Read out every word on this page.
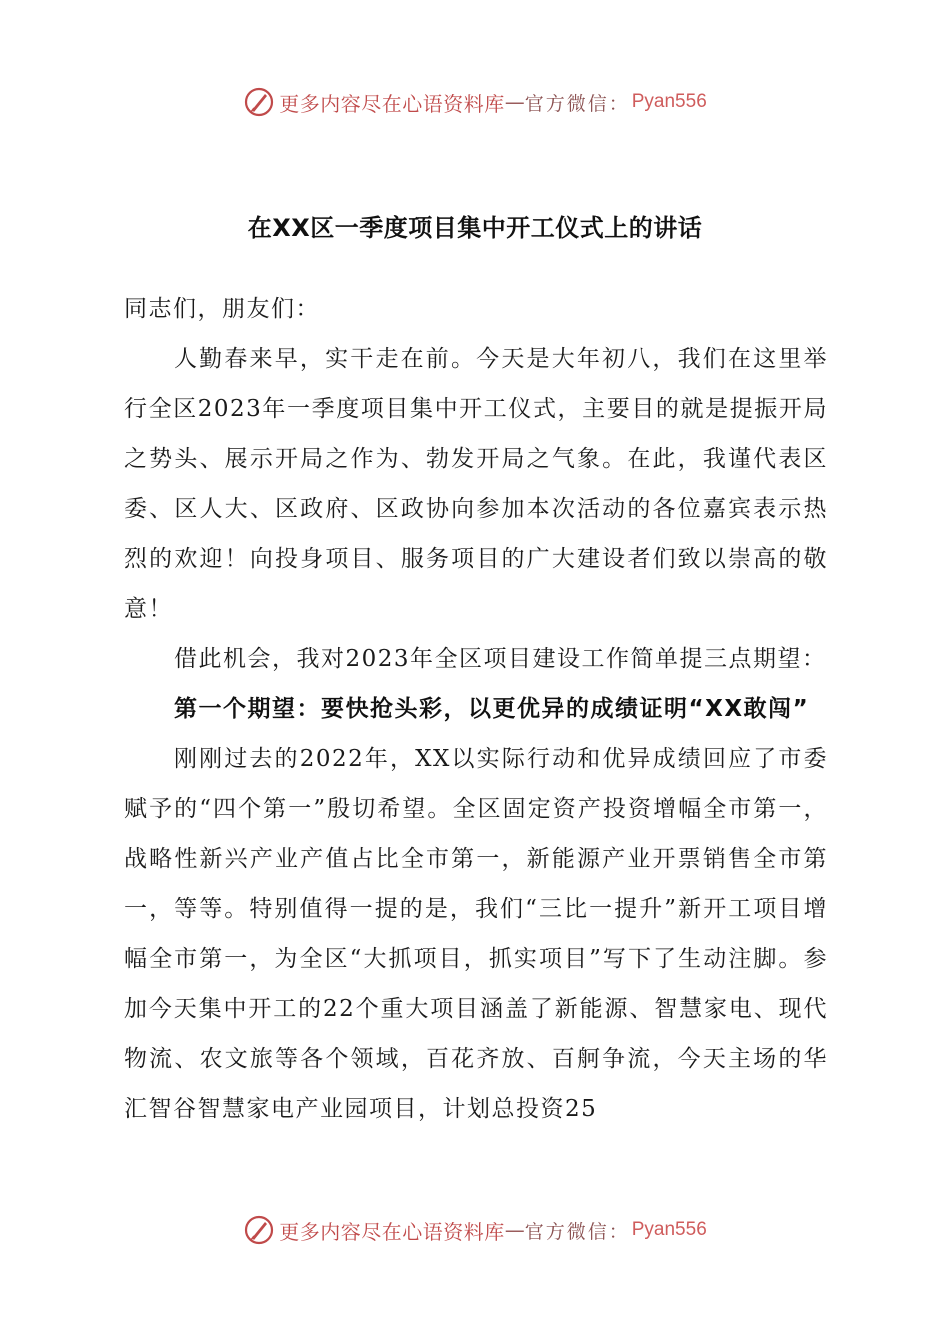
更多内容尽在心语资料库 — 官方微信： Pyan556
在XX区一季度项目集中开工仪式上的讲话

同志们，朋友们：

人勤春来早，实干走在前。今天是大年初八，我们在这里举行全区2023年一季度项目集中开工仪式，主要目的就是提振开局之势头、展示开局之作为、勃发开局之气象。在此，我谨代表区委、区人大、区政府、区政协向参加本次活动的各位嘉宾表示热烈的欢迎！向投身项目、服务项目的广大建设者们致以崇高的敬意！

借此机会，我对2023年全区项目建设工作简单提三点期望：

第一个期望：要快抢头彩，以更优异的成绩证明“XX敢闯”

刚刚过去的2022年，XX以实际行动和优异成绩回应了市委赋予的“四个第一”殷切希望。全区固定资产投资增幅全市第一，战略性新兴产业产值占比全市第一，新能源产业开票销售全市第一，等等。特别值得一提的是，我们“三比一提升”新开工项目增幅全市第一，为全区“大抓项目，抓实项目”写下了生动注脚。参加今天集中开工的22个重大项目涵盖了新能源、智慧家电、现代物流、农文旅等各个领域，百花齐放、百舸争流，今天主场的华汇智谷智慧家电产业园项目，计划总投资25

更多内容尽在心语资料库 — 官方微信： Pyan556
